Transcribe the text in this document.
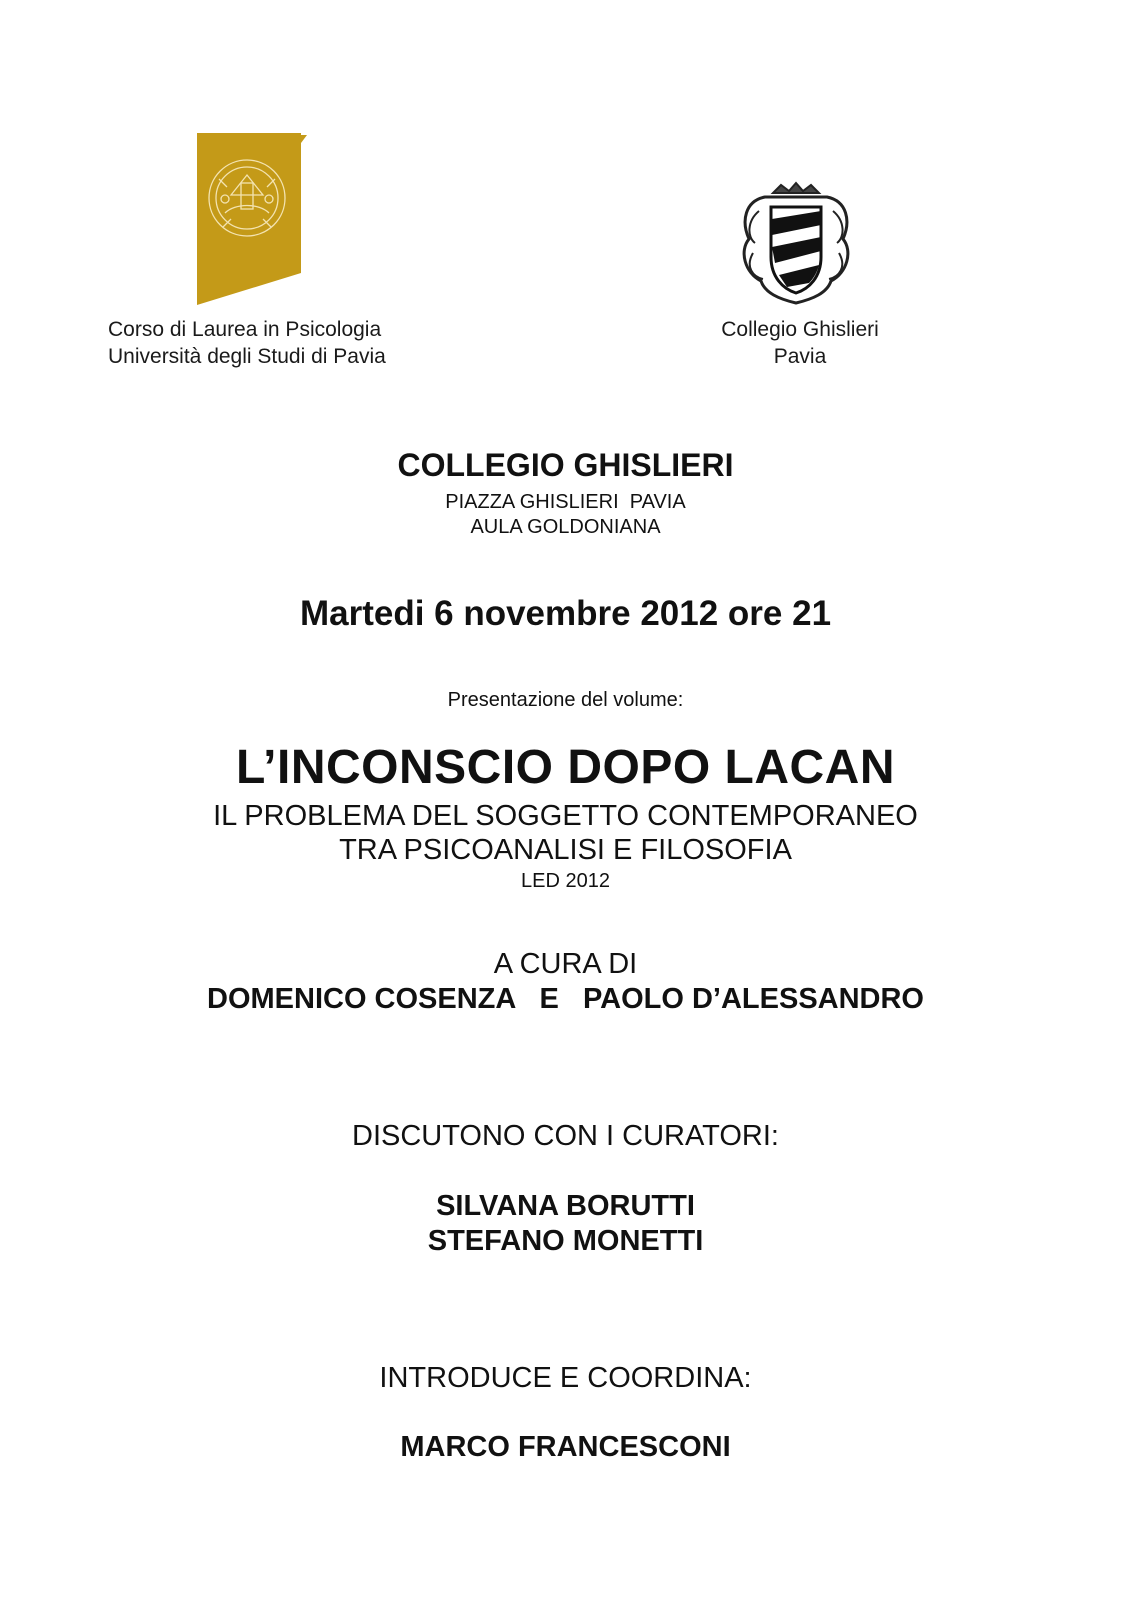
Corso di Laurea in Psicologia
Università degli Studi di Pavia
Collegio Ghislieri
Pavia
COLLEGIO GHISLIERI
PIAZZA GHISLIERI  PAVIA
AULA GOLDONIANA
Martedi 6 novembre 2012 ore 21
Presentazione del volume:
L’INCONSCIO DOPO LACAN
IL PROBLEMA DEL SOGGETTO CONTEMPORANEO
TRA PSICOANALISI E FILOSOFIA
LED 2012
A CURA DI
DOMENICO COSENZA   E   PAOLO D’ALESSANDRO
DISCUTONO CON I CURATORI:
SILVANA BORUTTI
STEFANO MONETTI
INTRODUCE E COORDINA:
MARCO FRANCESCONI
